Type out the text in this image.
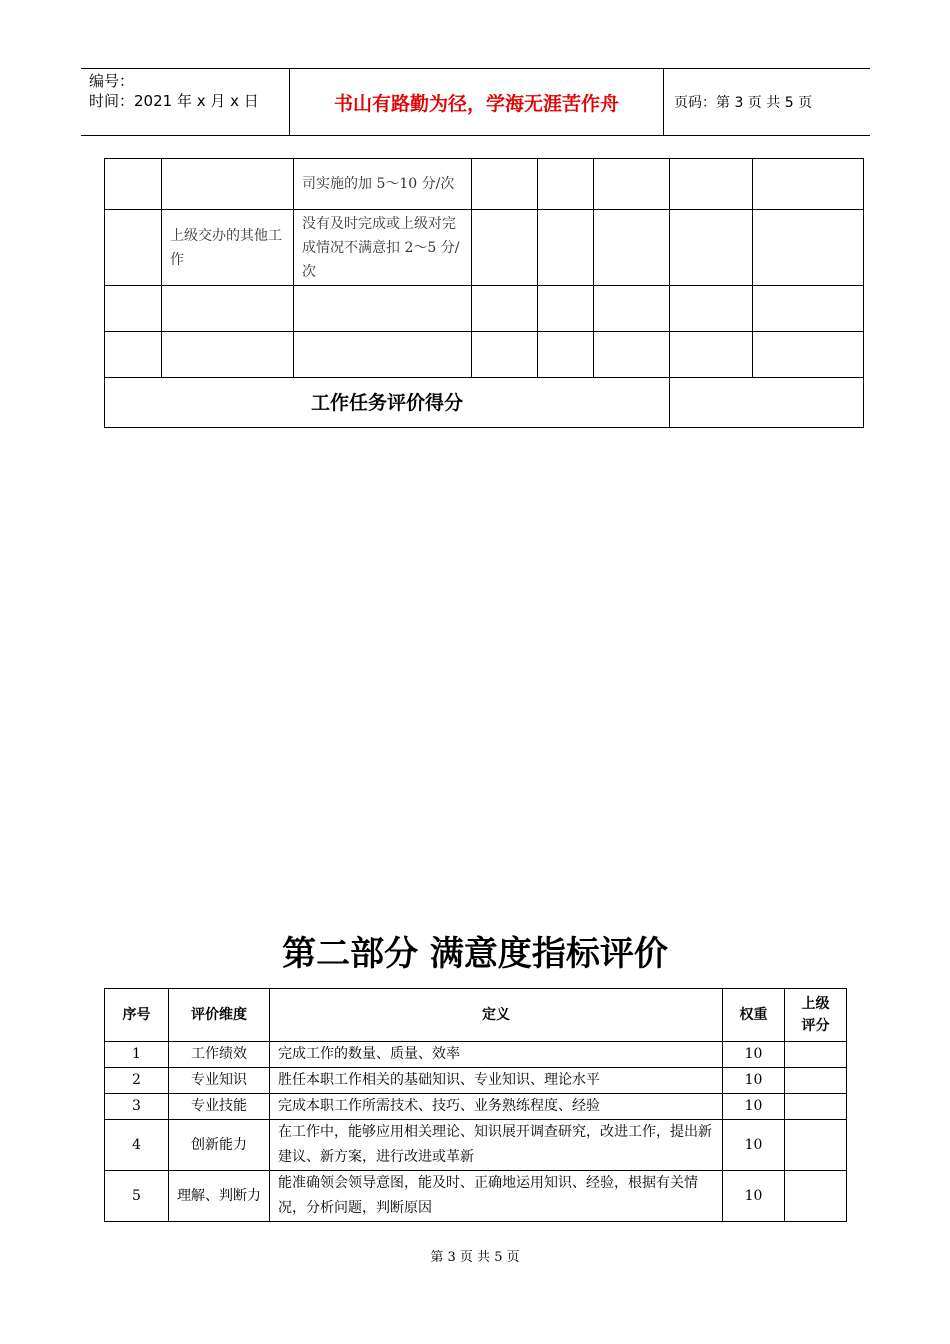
编号：
时间：2021 年 x 月 x 日	书山有路勤为径，学海无涯苦作舟	页码：第 3 页 共 5 页
		司实施的加 5～10 分/次					
	上级交办的其他工作	没有及时完成或上级对完成情况不满意扣 2～5 分/次					

工作任务评价得分							
第二部分 满意度指标评价
序号	评价维度	定义	权重	上级评分
1	工作绩效	完成工作的数量、质量、效率	10	
2	专业知识	胜任本职工作相关的基础知识、专业知识、理论水平	10	
3	专业技能	完成本职工作所需技术、技巧、业务熟练程度、经验	10	
4	创新能力	在工作中，能够应用相关理论、知识展开调查研究，改进工作，提出新建议、新方案，进行改进或革新	10	
5	理解、判断力	能准确领会领导意图，能及时、正确地运用知识、经验，根据有关情况，分析问题，判断原因	10	
第 3 页 共 5 页
